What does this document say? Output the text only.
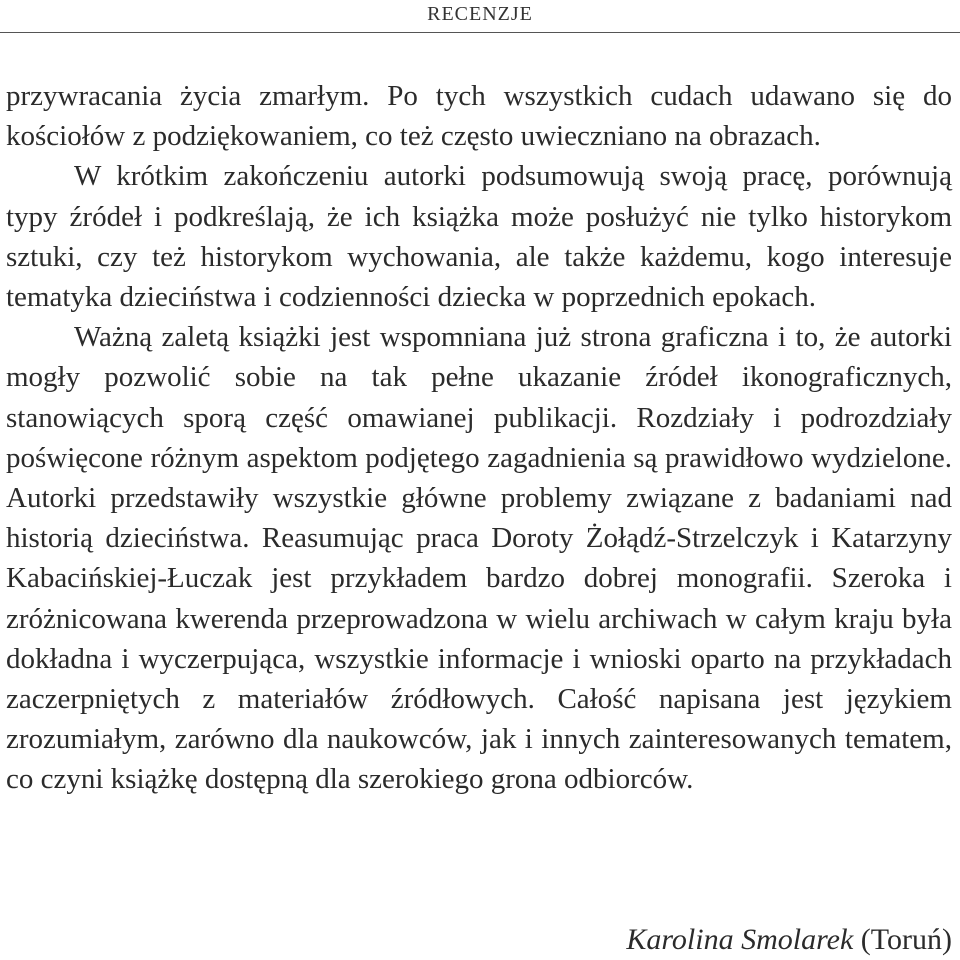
RECENZJE

przywracania życia zmarłym. Po tych wszystkich cudach udawano się do kościołów z podziękowaniem, co też często uwieczniano na obrazach.

W krótkim zakończeniu autorki podsumowują swoją pracę, porównują typy źródeł i podkreślają, że ich książka może posłużyć nie tylko historykom sztuki, czy też historykom wychowania, ale także każdemu, kogo interesuje tematyka dzieciństwa i codzienności dziecka w poprzednich epokach.

Ważną zaletą książki jest wspomniana już strona graficzna i to, że autorki mogły pozwolić sobie na tak pełne ukazanie źródeł ikonograficznych, stanowiących sporą część omawianej publikacji. Rozdziały i podrozdziały poświęcone różnym aspektom podjętego zagadnienia są prawidłowo wydzielone. Autorki przedstawiły wszystkie główne problemy związane z badaniami nad historią dzieciństwa. Reasumując praca Doroty Żołądź-Strzelczyk i Katarzyny Kabacińskiej-Łuczak jest przykładem bardzo dobrej monografii. Szeroka i zróżnicowana kwerenda przeprowadzona w wielu archiwach w całym kraju była dokładna i wyczerpująca, wszystkie informacje i wnioski oparto na przykładach zaczerpniętych z materiałów źródłowych. Całość napisana jest językiem zrozumiałym, zarówno dla naukowców, jak i innych zainteresowanych tematem, co czyni książkę dostępną dla szerokiego grona odbiorców.

Karolina Smolarek (Toruń)
